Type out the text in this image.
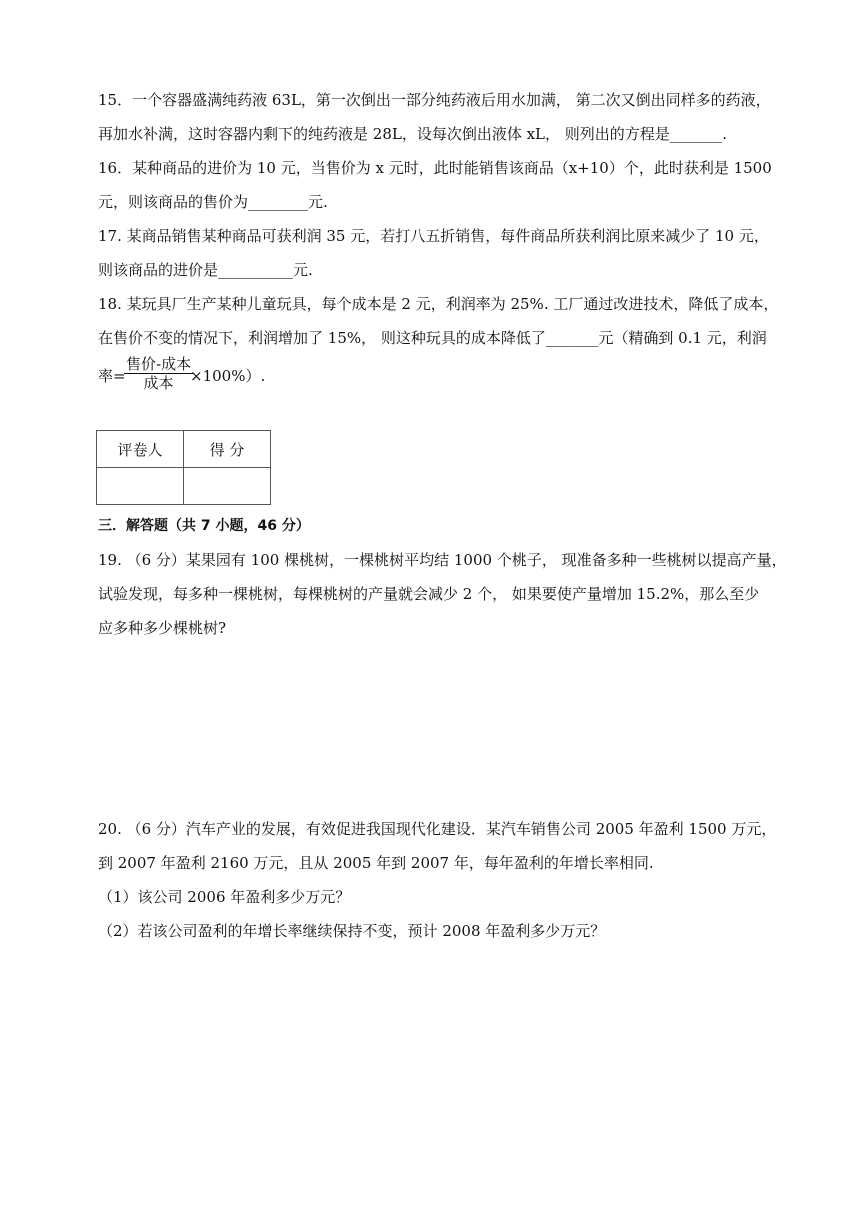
15．一个容器盛满纯药液 63L，第一次倒出一部分纯药液后用水加满， 第二次又倒出同样多的药液，
再加水补满，这时容器内剩下的纯药液是 28L，设每次倒出液体 xL， 则列出的方程是_______.
16．某种商品的进价为 10 元，当售价为 x 元时，此时能销售该商品（x+10）个，此时获利是 1500
元，则该商品的售价为________元.
17. 某商品销售某种商品可获利润 35 元，若打八五折销售，每件商品所获利润比原来减少了 10 元，
则该商品的进价是__________元.
18. 某玩具厂生产某种儿童玩具，每个成本是 2 元，利润率为 25%. 工厂通过改进技术，降低了成本，
在售价不变的情况下，利润增加了 15%， 则这种玩具的成本降低了_______元（精确到 0.1 元，利润
率=
售价-成本
成本	×100%）.
评卷人	得 分

三．解答题（共 7 小题，46 分）
19. （6 分）某果园有 100 棵桃树，一棵桃树平均结 1000 个桃子， 现准备多种一些桃树以提高产量，
试验发现，每多种一棵桃树，每棵桃树的产量就会减少 2 个， 如果要使产量增加 15.2%，那么至少
应多种多少棵桃树?
20. （6 分）汽车产业的发展，有效促进我国现代化建设．某汽车销售公司 2005 年盈利 1500 万元，
到 2007 年盈利 2160 万元，且从 2005 年到 2007 年，每年盈利的年增长率相同.
（1）该公司 2006 年盈利多少万元？
（2）若该公司盈利的年增长率继续保持不变，预计 2008 年盈利多少万元？
